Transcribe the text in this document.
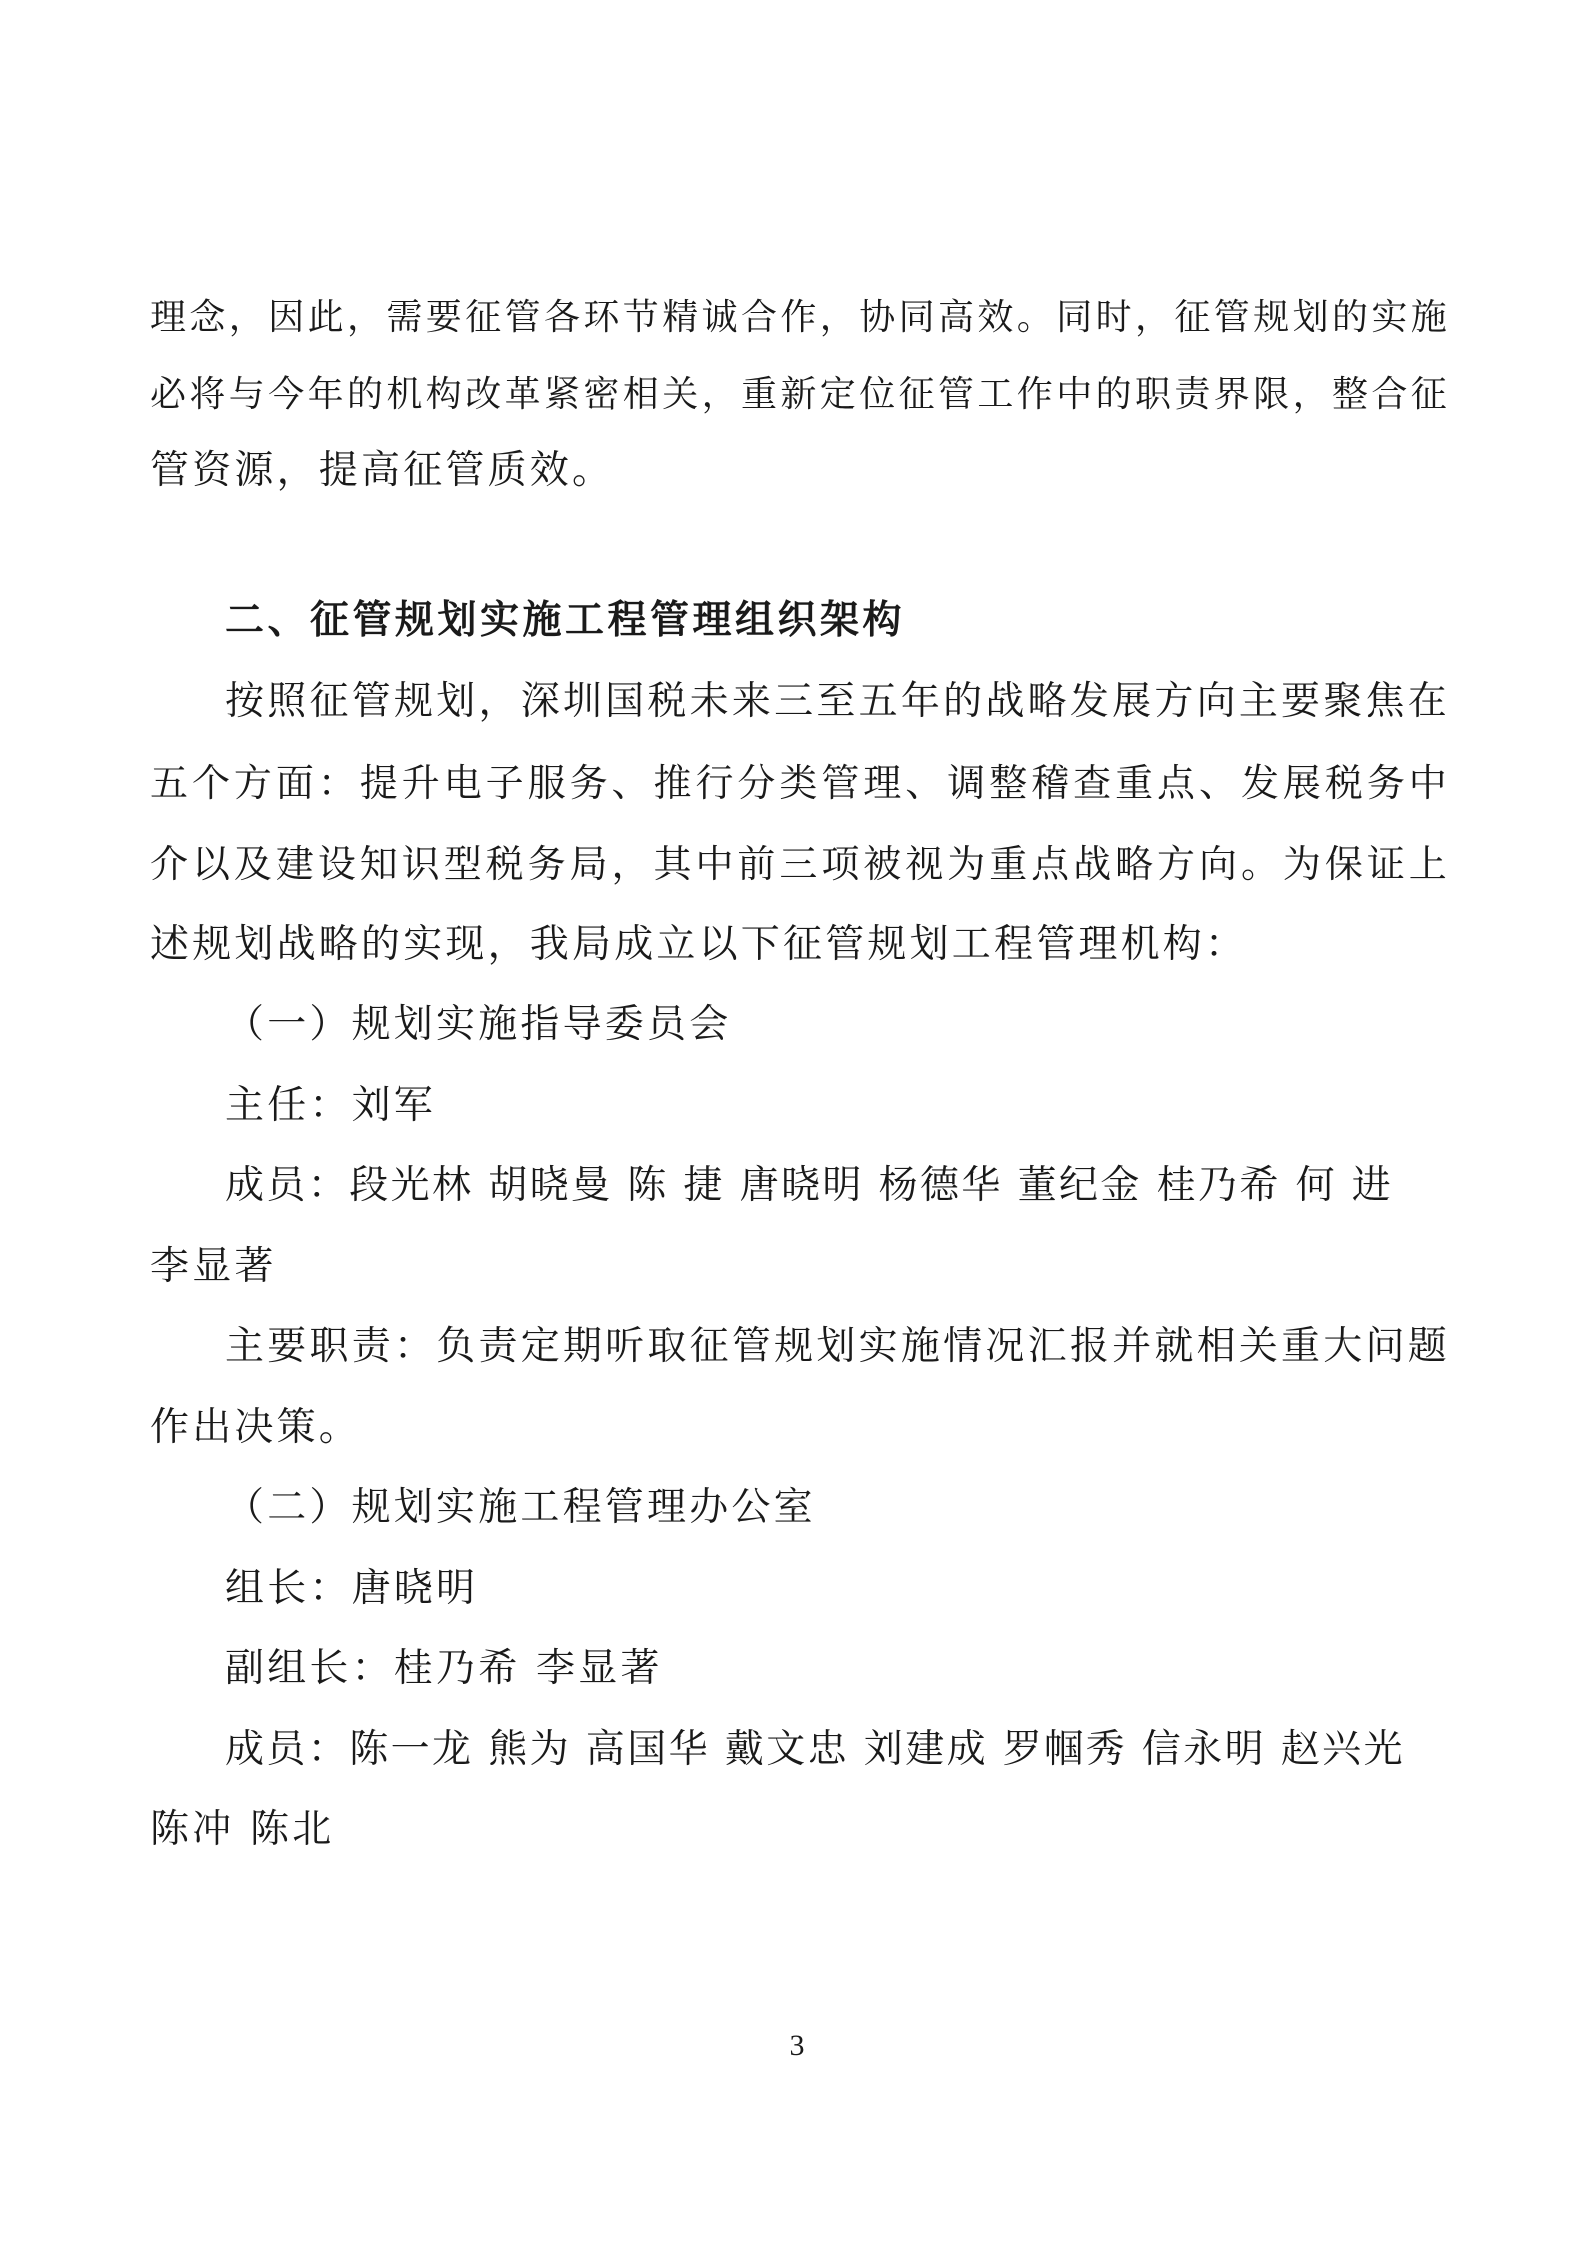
理念，因此，需要征管各环节精诚合作，协同高效。同时，征管规划的实施
必将与今年的机构改革紧密相关，重新定位征管工作中的职责界限，整合征
管资源，提高征管质效。
二、征管规划实施工程管理组织架构
按照征管规划，深圳国税未来三至五年的战略发展方向主要聚焦在
五个方面：提升电子服务、推行分类管理、调整稽查重点、发展税务中
介以及建设知识型税务局，其中前三项被视为重点战略方向。为保证上
述规划战略的实现，我局成立以下征管规划工程管理机构：
（一）规划实施指导委员会
主任：刘军
成员：段光林 胡晓曼 陈 捷 唐晓明 杨德华 董纪金 桂乃希 何 进
李显著
主要职责：负责定期听取征管规划实施情况汇报并就相关重大问题
作出决策。
（二）规划实施工程管理办公室
组长：唐晓明
副组长：桂乃希 李显著
成员：陈一龙 熊为 高国华 戴文忠 刘建成 罗帼秀 信永明 赵兴光
陈冲 陈北
3
